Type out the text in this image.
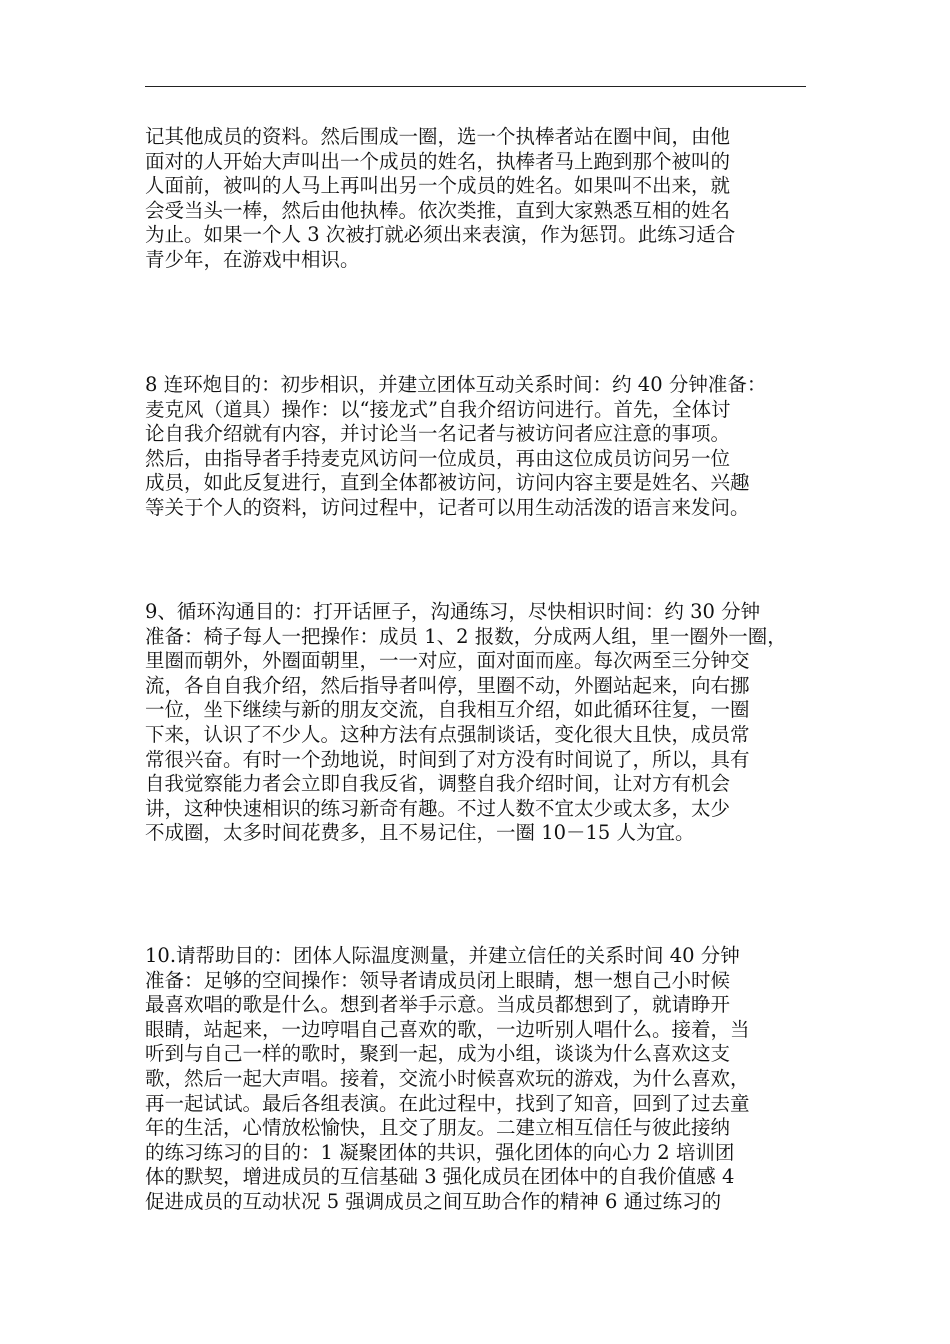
记其他成员的资料。然后围成一圈，选一个执棒者站在圈中间，由他
面对的人开始大声叫出一个成员的姓名，执棒者马上跑到那个被叫的
人面前，被叫的人马上再叫出另一个成员的姓名。如果叫不出来，就
会受当头一棒，然后由他执棒。依次类推，直到大家熟悉互相的姓名
为止。如果一个人 3 次被打就必须出来表演，作为惩罚。此练习适合
青少年，在游戏中相识。
8 连环炮目的：初步相识，并建立团体互动关系时间：约 40 分钟准备：
麦克风（道具）操作：以“接龙式”自我介绍访问进行。首先，全体讨
论自我介绍就有内容，并讨论当一名记者与被访问者应注意的事项。
然后，由指导者手持麦克风访问一位成员，再由这位成员访问另一位
成员，如此反复进行，直到全体都被访问，访问内容主要是姓名、兴趣
等关于个人的资料，访问过程中，记者可以用生动活泼的语言来发问。
9、循环沟通目的：打开话匣子，沟通练习，尽快相识时间：约 30 分钟
准备：椅子每人一把操作：成员 1、2 报数，分成两人组，里一圈外一圈，
里圈而朝外，外圈面朝里，一一对应，面对面而座。每次两至三分钟交
流，各自自我介绍，然后指导者叫停，里圈不动，外圈站起来，向右挪
一位，坐下继续与新的朋友交流，自我相互介绍，如此循环往复，一圈
下来，认识了不少人。这种方法有点强制谈话，变化很大且快，成员常
常很兴奋。有时一个劲地说，时间到了对方没有时间说了，所以，具有
自我觉察能力者会立即自我反省，调整自我介绍时间，让对方有机会
讲，这种快速相识的练习新奇有趣。不过人数不宜太少或太多，太少
不成圈，太多时间花费多，且不易记住，一圈 10－15 人为宜。
10.请帮助目的：团体人际温度测量，并建立信任的关系时间 40 分钟
准备：足够的空间操作：领导者请成员闭上眼睛，想一想自己小时候
最喜欢唱的歌是什么。想到者举手示意。当成员都想到了，就请睁开
眼睛，站起来，一边哼唱自己喜欢的歌，一边听别人唱什么。接着，当
听到与自己一样的歌时，聚到一起，成为小组，谈谈为什么喜欢这支
歌，然后一起大声唱。接着，交流小时候喜欢玩的游戏，为什么喜欢，
再一起试试。最后各组表演。在此过程中，找到了知音，回到了过去童
年的生活，心情放松愉快，且交了朋友。二建立相互信任与彼此接纳
的练习练习的目的：1 凝聚团体的共识，强化团体的向心力 2 培训团
体的默契，增进成员的互信基础 3 强化成员在团体中的自我价值感 4
促进成员的互动状况 5 强调成员之间互助合作的精神 6 通过练习的
